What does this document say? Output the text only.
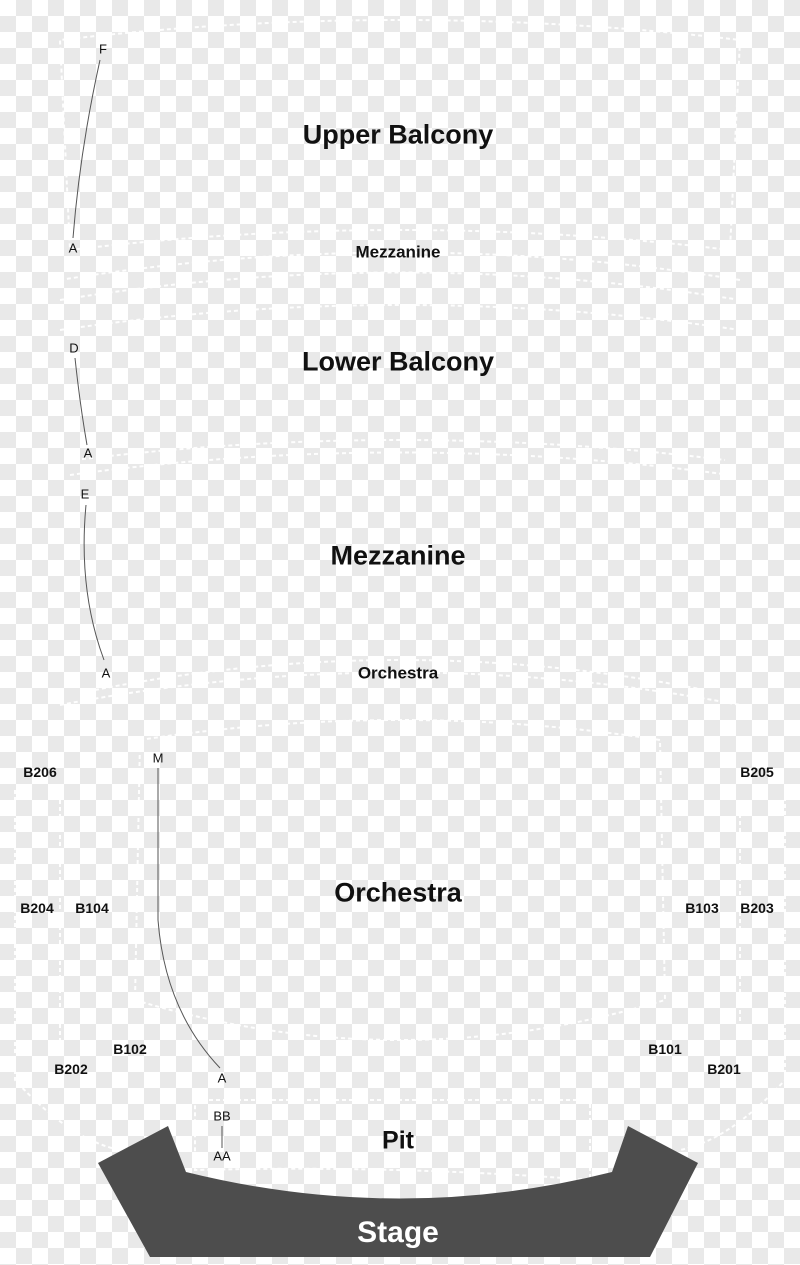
Upper Balcony
Mezzanine
Lower Balcony
Mezzanine
Orchestra
Orchestra
Pit
Stage
B206	B205
B204 B104	B103 B203
B102	B101
B202	B201
F
A
D
A
E
A
M
A
BB
AA
